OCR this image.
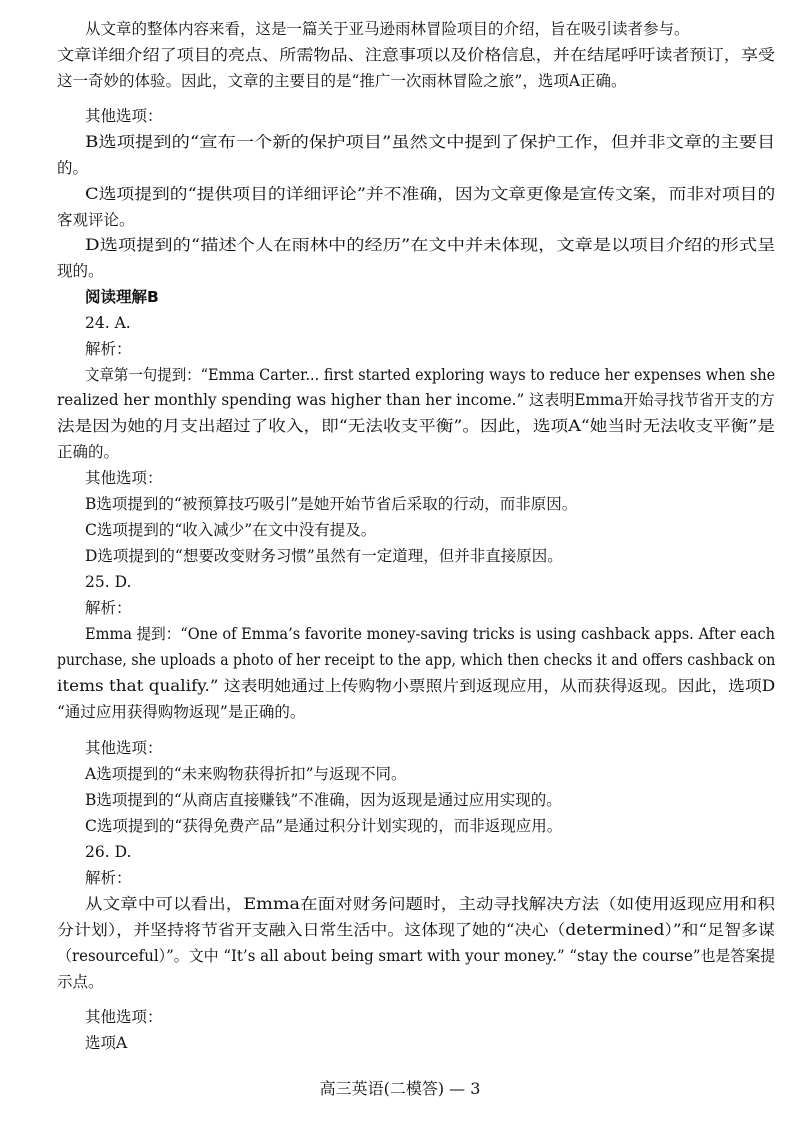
从文章的整体内容来看，这是一篇关于亚马逊雨林冒险项目的介绍，旨在吸引读者参与。
文章详细介绍了项目的亮点、所需物品、注意事项以及价格信息，并在结尾呼吁读者预订，享受
这一奇妙的体验。因此，文章的主要目的是“推广一次雨林冒险之旅”，选项A正确。
其他选项：
B选项提到的“宣布一个新的保护项目”虽然文中提到了保护工作，但并非文章的主要目
的。
C选项提到的“提供项目的详细评论”并不准确，因为文章更像是宣传文案，而非对项目的
客观评论。
D选项提到的“描述个人在雨林中的经历”在文中并未体现，文章是以项目介绍的形式呈
现的。
阅读理解B
24. A.
解析：
文章第一句提到：“Emma Carter... first started exploring ways to reduce her expenses when she
realized her monthly spending was higher than her income.” 这表明Emma开始寻找节省开支的方
法是因为她的月支出超过了收入，即“无法收支平衡”。因此，选项A“她当时无法收支平衡”是
正确的。
其他选项：
B选项提到的“被预算技巧吸引”是她开始节省后采取的行动，而非原因。
C选项提到的“收入减少”在文中没有提及。
D选项提到的“想要改变财务习惯”虽然有一定道理，但并非直接原因。
25. D.
解析：
Emma 提到：“One of Emma’s favorite money-saving tricks is using cashback apps. After each
purchase, she uploads a photo of her receipt to the app, which then checks it and offers cashback on
items that qualify.” 这表明她通过上传购物小票照片到返现应用，从而获得返现。因此，选项D
“通过应用获得购物返现”是正确的。
其他选项：
A选项提到的“未来购物获得折扣”与返现不同。
B选项提到的“从商店直接赚钱”不准确，因为返现是通过应用实现的。
C选项提到的“获得免费产品”是通过积分计划实现的，而非返现应用。
26. D.
解析：
从文章中可以看出，Emma在面对财务问题时，主动寻找解决方法（如使用返现应用和积
分计划），并坚持将节省开支融入日常生活中。这体现了她的“决心（determined）”和“足智多谋
（resourceful）”。文中 “It’s all about being smart with your money.” “stay the course”也是答案提
示点。
其他选项：
选项A
高三英语(二模答) — 3
